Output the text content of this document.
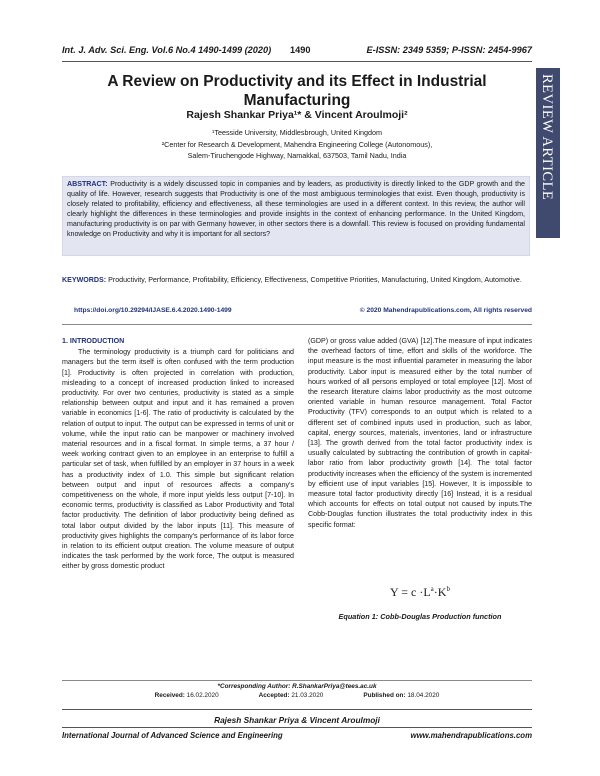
Int. J. Adv. Sci. Eng. Vol.6 No.4 1490-1499 (2020)	1490	E-ISSN: 2349 5359; P-ISSN: 2454-9967
REVIEW ARTICLE
A Review on Productivity and its Effect in Industrial
Manufacturing
Rajesh Shankar Priya¹* & Vincent Aroulmoji²
¹Teesside University, Middlesbrough, United Kingdom
²Center for Research & Development, Mahendra Engineering College (Autonomous),
Salem-Tiruchengode Highway, Namakkal, 637503, Tamil Nadu, India
ABSTRACT: Productivity is a widely discussed topic in companies and by leaders, as productivity is directly linked to the GDP growth and the quality of life. However, research suggests that Productivity is one of the most ambiguous terminologies that exist. Even though, productivity is closely related to profitability, efficiency and effectiveness, all these terminologies are used in a different context. In this review, the author will clearly highlight the differences in these terminologies and provide insights in the context of enhancing performance. In the United Kingdom, manufacturing productivity is on par with Germany however, in other sectors there is a downfall. This review is focused on providing fundamental knowledge on Productivity and why it is important for all sectors?
KEYWORDS: Productivity, Performance, Profitability, Efficiency, Effectiveness, Competitive Priorities, Manufacturing, United Kingdom, Automotive.
https://doi.org/10.29294/IJASE.6.4.2020.1490-1499	© 2020 Mahendrapublications.com, All rights reserved
1. INTRODUCTION

The terminology productivity is a triumph card for politicians and managers but the term itself is often confused with the term production [1]. Productivity is often projected in correlation with production, misleading to a concept of increased production linked to increased productivity. For over two centuries, productivity is stated as a simple relationship between output and input and it has remained a proven variable in economics [1-6]. The ratio of productivity is calculated by the relation of output to input. The output can be expressed in terms of unit or volume, while the input ratio can be manpower or machinery involved material resources and in a fiscal format. In simple terms, a 37 hour / week working contract given to an employee in an enterprise to fulfill a particular set of task, when fulfilled by an employer in 37 hours in a week has a productivity index of 1.0. This simple but significant relation between output and input of resources affects a company's competitiveness on the whole, if more input yields less output [7-10]. In economic terms, productivity is classified as Labor Productivity and Total factor productivity. The definition of labor productivity being defined as total labor output divided by the labor inputs [11]. This measure of productivity gives highlights the company's performance of its labor force in relation to its efficient output creation. The volume measure of output indicates the task performed by the work force, The output is measured either by gross domestic product

(GDP) or gross value added (GVA) [12].The measure of input indicates the overhead factors of time, effort and skills of the workforce. The input measure is the most influential parameter in measuring the labor productivity. Labor input is measured either by the total number of hours worked of all persons employed or total employee [12]. Most of the research literature claims labor productivity as the most outcome oriented variable in human resource management. Total Factor Productivity (TFV) corresponds to an output which is related to a different set of combined inputs used in production, such as labor, capital, energy sources, materials, inventories, land or infrastructure [13]. The growth derived from the total factor productivity index is usually calculated by subtracting the contribution of growth in capital-labor ratio from labor productivity growth [14]. The total factor productivity increases when the efficiency of the system is incremented by efficient use of input variables [15]. However, It is impossible to measure total factor productivity directly [16] Instead, it is a residual which accounts for effects on total output not caused by inputs.The Cobb-Douglas function illustrates the total productivity index in this specific format:

$Y = c \cdot L^a\cdot K^b$
Equation 1: Cobb-Douglas Production function
*Corresponding Author: R.ShankarPriya@tees.ac.uk
Received: 16.02.2020	Accepted: 21.03.2020	Published on: 18.04.2020
Rajesh Shankar Priya & Vincent Aroulmoji
International Journal of Advanced Science and Engineering	www.mahendrapublications.com
